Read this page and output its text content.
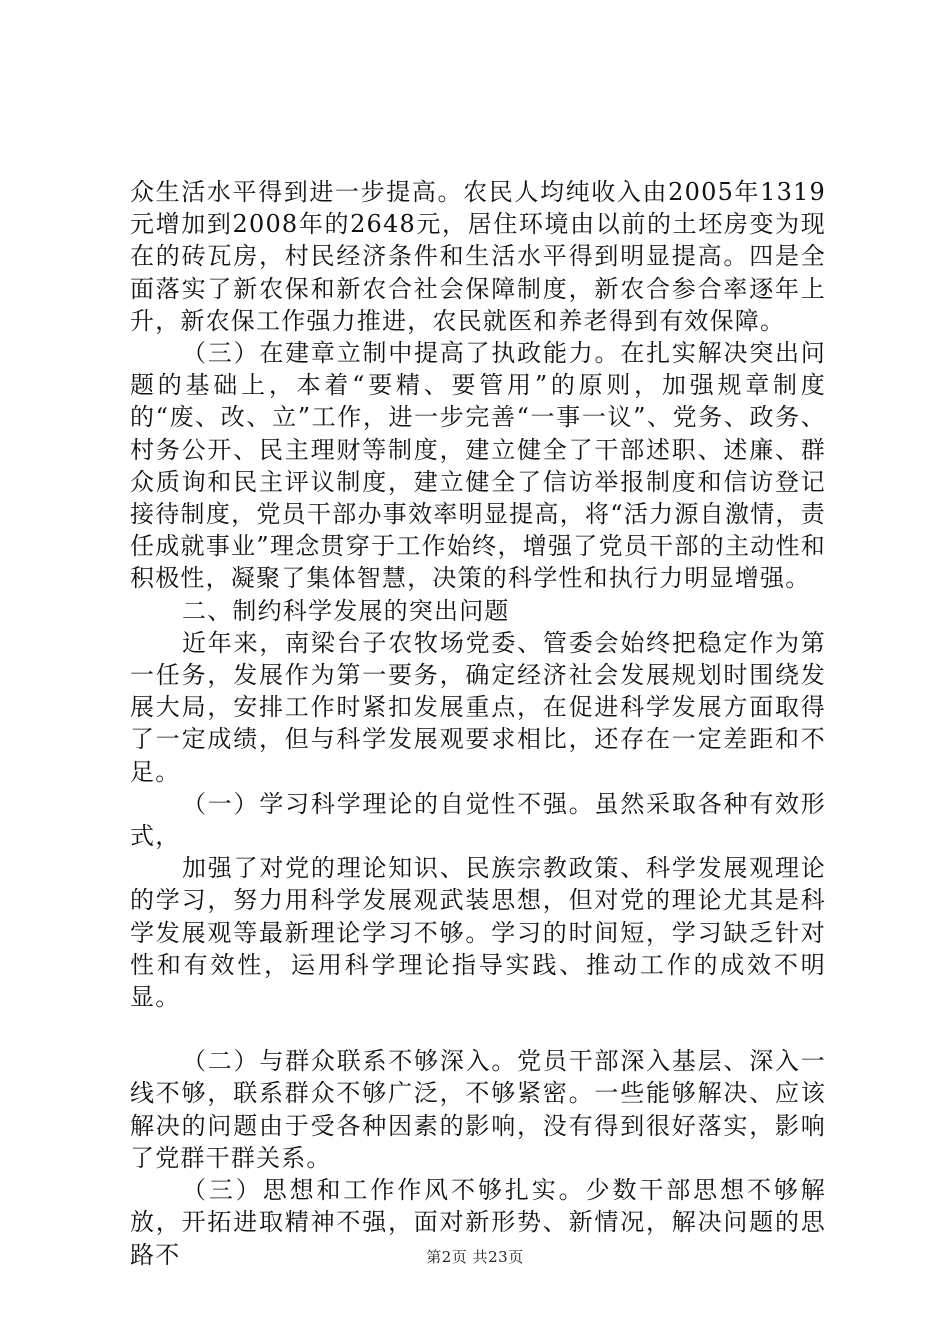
众生活水平得到进一步提高。农民人均纯收入由2005年1319元增加到2008年的2648元，居住环境由以前的土坯房变为现在的砖瓦房，村民经济条件和生活水平得到明显提高。四是全面落实了新农保和新农合社会保障制度，新农合参合率逐年上升，新农保工作强力推进，农民就医和养老得到有效保障。

（三）在建章立制中提高了执政能力。在扎实解决突出问题的基础上，本着“要精、要管用”的原则，加强规章制度的“废、改、立”工作，进一步完善“一事一议”、党务、政务、村务公开、民主理财等制度，建立健全了干部述职、述廉、群众质询和民主评议制度，建立健全了信访举报制度和信访登记接待制度，党员干部办事效率明显提高，将“活力源自激情，责任成就事业”理念贯穿于工作始终，增强了党员干部的主动性和积极性，凝聚了集体智慧，决策的科学性和执行力明显增强。

二、制约科学发展的突出问题

近年来，南梁台子农牧场党委、管委会始终把稳定作为第一任务，发展作为第一要务，确定经济社会发展规划时围绕发展大局，安排工作时紧扣发展重点，在促进科学发展方面取得了一定成绩，但与科学发展观要求相比，还存在一定差距和不足。

（一）学习科学理论的自觉性不强。虽然采取各种有效形式，

加强了对党的理论知识、民族宗教政策、科学发展观理论的学习，努力用科学发展观武装思想，但对党的理论尤其是科学发展观等最新理论学习不够。学习的时间短，学习缺乏针对性和有效性，运用科学理论指导实践、推动工作的成效不明显。

（二）与群众联系不够深入。党员干部深入基层、深入一线不够，联系群众不够广泛，不够紧密。一些能够解决、应该解决的问题由于受各种因素的影响，没有得到很好落实，影响了党群干群关系。

（三）思想和工作作风不够扎实。少数干部思想不够解放，开拓进取精神不强，面对新形势、新情况，解决问题的思路不	第2页 共23页
